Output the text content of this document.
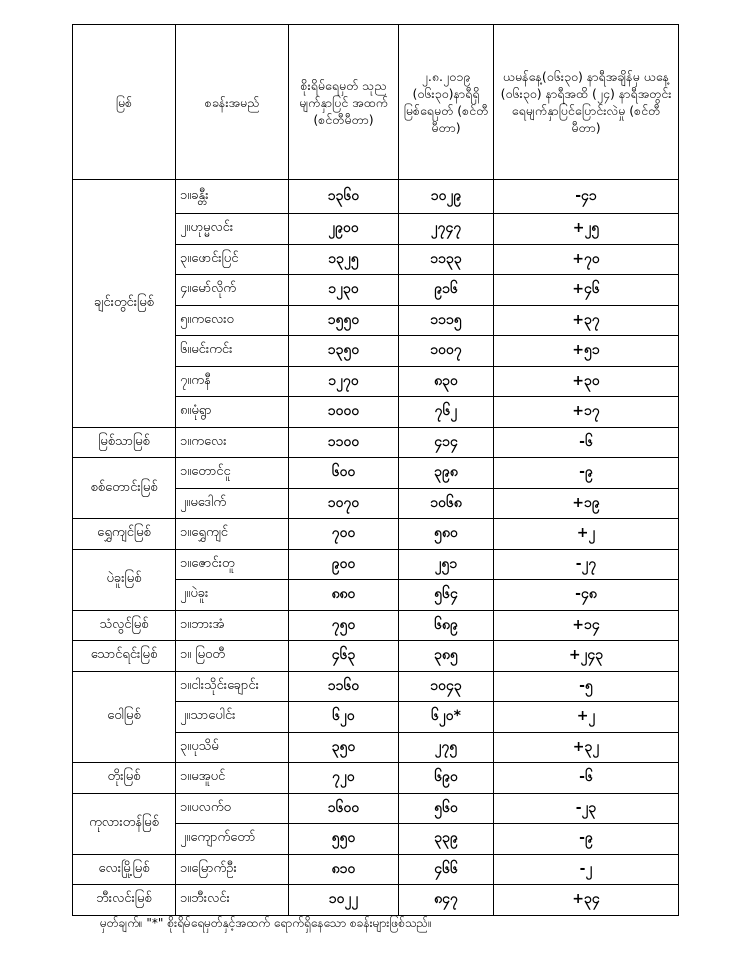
မြစ်	စခန်းအမည်	စိုးရိမ်ရေမှတ် သုညမျက်နှာပြင် အထက် (စင်တီမီတာ)	၂.၈.၂၀၁၉ (၀၆း၃၀)နာရီရှိ မြစ်ရေမှတ် (စင်တီမီတာ)	ယမန်နေ့(၀၆း၃၀) နာရီအချိန်မှ ယနေ့ (၀၆း၃၀) နာရီအထိ (၂၄) နာရီအတွင်း ရေမျက်နှာပြင်ပြောင်းလဲမှု (စင်တီမီတာ)
ချင်းတွင်းမြစ်	၁။ခန္တီး	၁၃၆၀	၁၀၂၉	-၄၁
	၂။ဟုမ္မလင်း	၂၉၀၀	၂၇၄၇	+၂၅
	၃။ဖောင်းပြင်	၁၃၂၅	၁၁၃၃	+၇၀
	၄။မော်လိုက်	၁၂၃၀	၉၁၆	+၄၆
	၅။ကလေးဝ	၁၅၅၀	၁၁၁၅	+၃၇
	၆။မင်းကင်း	၁၃၅၀	၁၀၀၇	+၅၁
	၇။ကနီ	၁၂၇၀	၈၃၀	+၃၀
	၈။မုံရွာ	၁၀၀၀	၇၆၂	+၁၇
မြစ်သာမြစ်	၁။ကလေး	၁၁၀၀	၄၁၄	-၆
စစ်တောင်းမြစ်	၁။တောင်ငူ	၆၀၀	၃၉၈	-၉
	၂။မဒေါက်	၁၀၇၀	၁၀၆၈	+၁၉
ရွှေကျင်မြစ်	၁။ရွှေကျင်	၇၀၀	၅၈၀	+၂
ပဲခူးမြစ်	၁။ဇောင်းတူ	၉၀၀	၂၅၁	-၂၇
	၂။ပဲခူး	၈၈၀	၅၆၄	-၄၈
သံလွင်မြစ်	၁။ဘားအံ	၇၅၀	၆၈၉	+၁၄
သောင်ရင်းမြစ်	၁။ မြဝတီ	၄၆၃	၃၈၅	+၂၄၃
ဝေါမြစ်	၁။ငါးသိုင်းချောင်း	၁၁၆၀	၁၀၄၃	-၅
	၂။သာပေါင်း	၆၂၀	၆၂၀*	+၂
	၃။ပုသိမ်	၃၅၀	၂၇၅	+၃၂
တိုးမြစ်	၁။မအူပင်	၇၂၀	၆၉၀	-၆
ကုလားတန်မြစ်	၁။ပလက်ဝ	၁၆၀၀	၅၆၀	-၂၃
	၂။ကျောက်တော်	၅၅၀	၃၃၉	-၉
လေးမြို့မြစ်	၁။မြောက်ဦး	၈၁၀	၄၆၆	-၂
ဘီးလင်းမြစ်	၁။ဘီးလင်း	၁၀၂၂	၈၄၇	+၃၄
မှတ်ချက်။ "*" စိုးရိမ်ရေမှတ်နှင့်အထက် ရောက်ရှိနေသော စခန်းများဖြစ်သည်။
